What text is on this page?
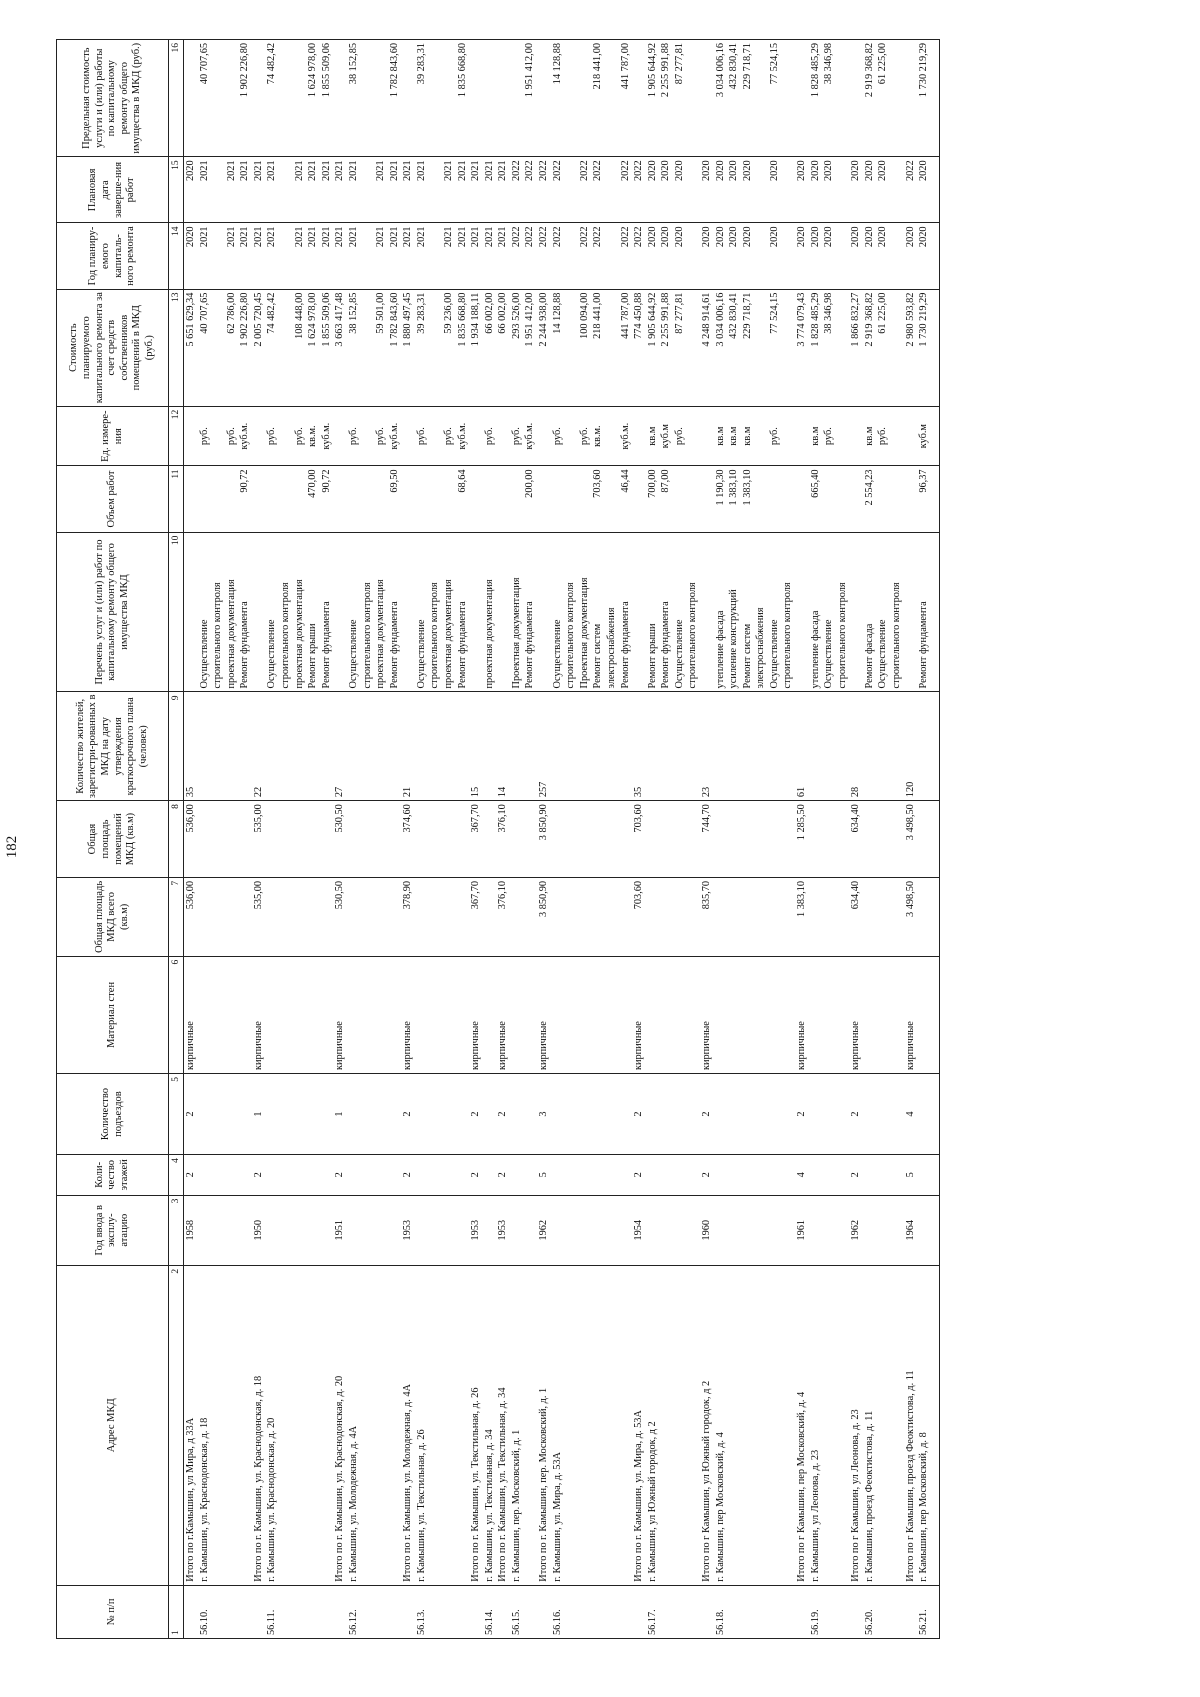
182
№ п/п	Адрес МКД	Год ввода в эксплу-атацию	Коли-чество этажей	Количество подъездов	Материал стен	Общая площадь МКД всего (кв.м)	Общая площадь помещений МКД (кв.м)	Количество жителей, зарегистри-рованных в МКД на дату утверждения краткосрочного плана (человек)	Перечень услуг и (или) работ по капитальному ремонту общего имущества МКД	Объем работ	Ед. измере-ния	Стоимость планируемого капитального ремонта за счет средств собственников помещений в МКД (руб.)	Год планиру-емого капиталь-ного ремонта	Плановая дата заверше-ния работ	Предельная стоимость услуги и (или) работы по капитальному ремонту общего имущества в МКД (руб.)
1	2	3	4	5	6	7	8	9	10	11	12	13	14	15	16
	Итого по г.Камышин, ул Мира, д 33А	1958	2	2	кирпичные	536,00	536,00	35				5 651 629,34	2020	2020	
56.10.	г. Камышин, ул. Краснодонская, д. 18								Осуществление		руб.	40 707,65	2021	2021	40 707,65
									строительного контроля						
									проектная документация		руб.	62 786,00	2021	2021	
									Ремонт фундамента	90,72	куб.м.	1 902 226,80	2021	2021	1 902 226,80
	Итого по г. Камышин, ул. Краснодонская, д. 18	1950	2	1	кирпичные	535,00	535,00	22				2 005 720,45	2021	2021	
56.11.	г. Камышин, ул. Краснодонская, д. 20								Осуществление		руб.	74 482,42	2021	2021	74 482,42
									строительного контроля						
									проектная документация		руб.	108 448,00	2021	2021	
									Ремонт крыши	470,00	кв.м.	1 624 978,00	2021	2021	1 624 978,00
									Ремонт фундамента	90,72	куб.м.	1 855 509,06	2021	2021	1 855 509,06
	Итого по г. Камышин, ул. Краснодонская, д. 20	1951	2	1	кирпичные	530,50	530,50	27				3 663 417,48	2021	2021	
56.12.	г. Камышин, ул. Молодежная, д. 4А								Осуществление		руб.	38 152,85	2021	2021	38 152,85
									строительного контроля						
									проектная документация		руб.	59 501,00	2021	2021	
									Ремонт фундамента	69,50	куб.м.	1 782 843,60	2021	2021	1 782 843,60
	Итого по г. Камышин, ул. Молодежная, д. 4А	1953	2	2	кирпичные	378,90	374,60	21				1 880 497,45	2021	2021	
56.13.	г. Камышин, ул. Текстильная, д. 26								Осуществление		руб.	39 283,31	2021	2021	39 283,31
									строительного контроля						
									проектная документация		руб.	59 236,00	2021	2021	
									Ремонт фундамента	68,64	куб.м.	1 835 668,80	2021	2021	1 835 668,80
	Итого по г. Камышин, ул. Текстильная, д. 26	1953	2	2	кирпичные	367,70	367,70	15				1 934 188,11	2021	2021	
56.14.	г. Камышин, ул. Текстильная, д. 34								проектная документация		руб.	66 002,00	2021	2021	
	Итого по г. Камышин, ул. Текстильная, д. 34	1953	2	2	кирпичные	376,10	376,10	14				66 002,00	2021	2021	
56.15.	г. Камышин, пер. Московский, д. 1								Проектная документация		руб.	293 526,00	2022	2022	
									Ремонт фундамента	200,00	куб.м.	1 951 412,00	2022	2022	1 951 412,00
	Итого по г. Камышин, пер. Московский, д. 1	1962	5	3	кирпичные	3 850,90	3 850,90	257				2 244 938,00	2022	2022	
56.16.	г. Камышин, ул. Мира, д. 53А								Осуществление		руб.	14 128,88	2022	2022	14 128,88
									строительного контроля						
									Проектная документация		руб.	100 094,00	2022	2022	
									Ремонт систем	703,60	кв.м.	218 441,00	2022	2022	218 441,00
									электроснабжения						
									Ремонт фундамента	46,44	куб.м.	441 787,00	2022	2022	441 787,00
	Итого по г. Камышин, ул. Мира, д. 53А	1954	2	2	кирпичные	703,60	703,60	35				774 450,88	2022	2022	
56.17.	г. Камышин, ул Южный городок, д 2								Ремонт крыши	700,00	кв.м	1 905 644,92	2020	2020	1 905 644,92
									Ремонт фундамента	87,00	куб.м	2 255 991,88	2020	2020	2 255 991,88
									Осуществление		руб.	87 277,81	2020	2020	87 277,81
									строительного контроля						
	Итого по г Камышин, ул Южный городок, д 2	1960	2	2	кирпичные	835,70	744,70	23				4 248 914,61	2020	2020	
56.18.	г. Камышин, пер Московский, д. 4								утепление фасада	1 190,30	кв.м	3 034 006,16	2020	2020	3 034 006,16
									усиление конструкций	1 383,10	кв.м	432 830,41	2020	2020	432 830,41
									Ремонт систем	1 383,10	кв.м	229 718,71	2020	2020	229 718,71
									электроснабжения						
									Осуществление		руб.	77 524,15	2020	2020	77 524,15
									строительного контроля						
	Итого по г Камышин, пер Московский, д. 4	1961	4	2	кирпичные	1 383,10	1 285,50	61				3 774 079,43	2020	2020	
56.19.	г. Камышин, ул Леонова, д. 23								утепление фасада	665,40	кв.м	1 828 485,29	2020	2020	1 828 485,29
									Осуществление		руб.	38 346,98	2020	2020	38 346,98
									строительного контроля						
	Итого по г Камышин, ул Леонова, д. 23	1962	2	2	кирпичные	634,40	634,40	28				1 866 832,27	2020	2020	
56.20.	г. Камышин, проезд Феоктистова, д. 11								Ремонт фасада	2 554,23	кв.м	2 919 368,82	2020	2020	2 919 368,82
									Осуществление		руб.	61 225,00	2020	2020	61 225,00
									строительного контроля						
	Итого по г Камышин, проезд Феоктистова, д. 11	1964	5	4	кирпичные	3 498,50	3 498,50	120				2 980 593,82	2020	2022	
56.21.	г. Камышин, пер Московский, д. 8								Ремонт фундамента	96,37	куб.м	1 730 219,29	2020	2020	1 730 219,29
